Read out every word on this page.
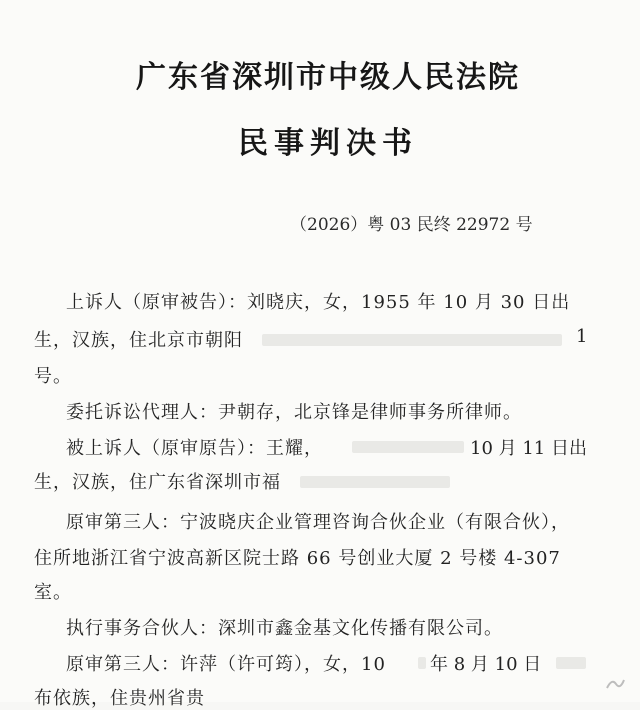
广东省深圳市中级人民法院
民事判决书
（2026）粤 03 民终 22972 号
上诉人（原审被告）：刘晓庆，女，1955 年 10 月 30 日出
生，汉族，住北京市朝阳	1
号。
委托诉讼代理人：尹朝存，北京锋是律师事务所律师。
被上诉人（原审原告）：王耀，	10 月 11 日出
生，汉族，住广东省深圳市福
原审第三人：宁波晓庆企业管理咨询合伙企业（有限合伙），
住所地浙江省宁波高新区院士路 66 号创业大厦 2 号楼 4-307
室。
执行事务合伙人：深圳市鑫金基文化传播有限公司。
原审第三人：许萍（许可筠），女，10 年 8 月 10 日
布依族，住贵州省贵
